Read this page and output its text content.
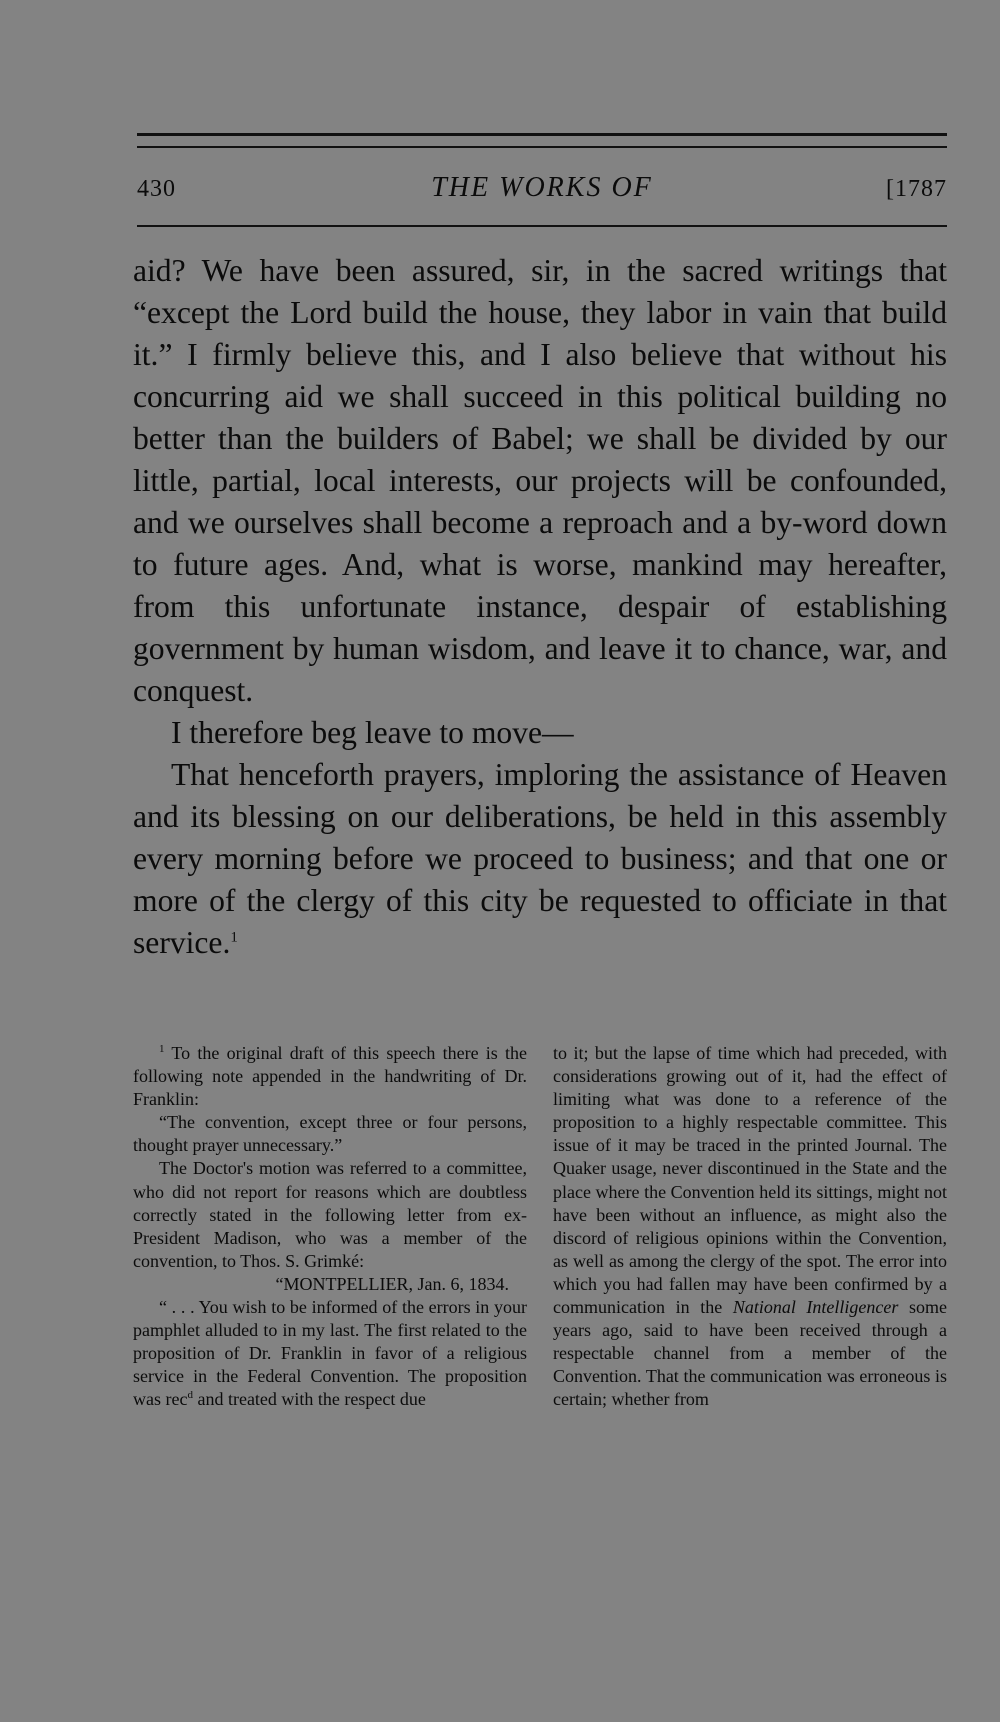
430	THE WORKS OF	[1787

aid? We have been assured, sir, in the sacred writings that “except the Lord build the house, they labor in vain that build it.” I firmly believe this, and I also believe that without his concurring aid we shall succeed in this political building no better than the builders of Babel; we shall be divided by our little, partial, local interests, our projects will be confounded, and we ourselves shall become a reproach and a by-word down to future ages. And, what is worse, mankind may hereafter, from this unfortunate instance, despair of establishing government by human wisdom, and leave it to chance, war, and conquest.

I therefore beg leave to move—

That henceforth prayers, imploring the assistance of Heaven and its blessing on our deliberations, be held in this assembly every morning before we proceed to business; and that one or more of the clergy of this city be requested to officiate in that service.$^1$

$^1$ To the original draft of this speech there is the following note appended in the handwriting of Dr. Franklin:

“The convention, except three or four persons, thought prayer unnecessary.”

The Doctor's motion was referred to a committee, who did not report for reasons which are doubtless correctly stated in the following letter from ex-President Madison, who was a member of the convention, to Thos. S. Grimké:

“MONTPELLIER, Jan. 6, 1834.

“ . . . You wish to be informed of the errors in your pamphlet alluded to in my last. The first related to the proposition of Dr. Franklin in favor of a religious service in the Federal Convention. The proposition was rec$^d$ and treated with the respect due

to it; but the lapse of time which had preceded, with considerations growing out of it, had the effect of limiting what was done to a reference of the proposition to a highly respectable committee. This issue of it may be traced in the printed Journal. The Quaker usage, never discontinued in the State and the place where the Convention held its sittings, might not have been without an influence, as might also the discord of religious opinions within the Convention, as well as among the clergy of the spot. The error into which you had fallen may have been confirmed by a communication in the National Intelligencer some years ago, said to have been received through a respectable channel from a member of the Convention. That the communication was erroneous is certain; whether from
